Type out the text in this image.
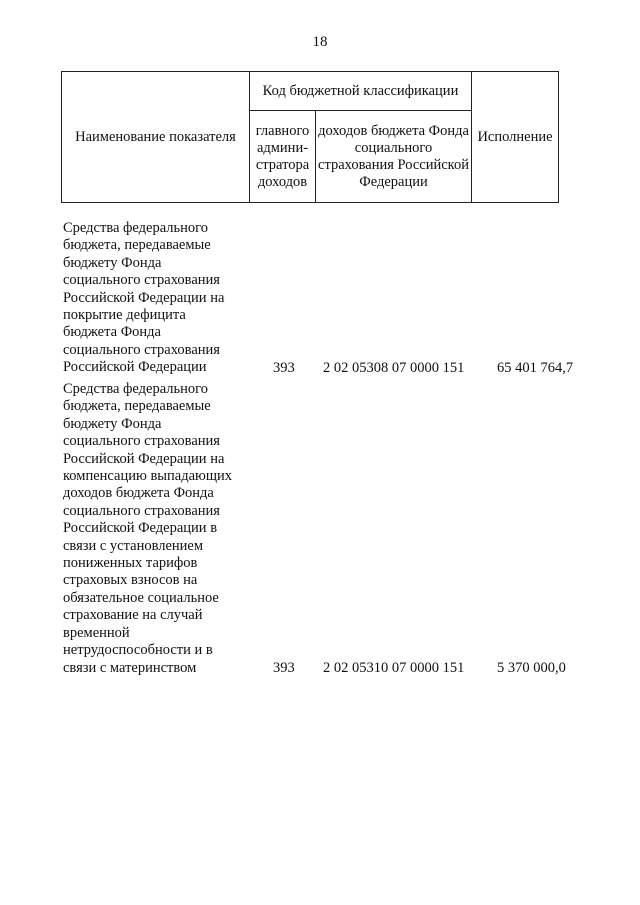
18
Наименование показателя	Код бюджетной классификации		Исполнение
	главного админи-стратора доходов	доходов бюджета Фонда социального страхования Российской Федерации	
Средства федерального
бюджета, передаваемые
бюджету Фонда
социального страхования
Российской Федерации на
покрытие дефицита
бюджета Фонда
социального страхования
Российской Федерации	393 2 02 05308 07 0000 151 65 401 764,7
Средства федерального
бюджета, передаваемые
бюджету Фонда
социального страхования
Российской Федерации на
компенсацию выпадающих
доходов бюджета Фонда
социального страхования
Российской Федерации в
связи с установлением
пониженных тарифов
страховых взносов на
обязательное социальное
страхование на случай
временной
нетрудоспособности и в
связи с материнством	393 2 02 05310 07 0000 151 5 370 000,0
